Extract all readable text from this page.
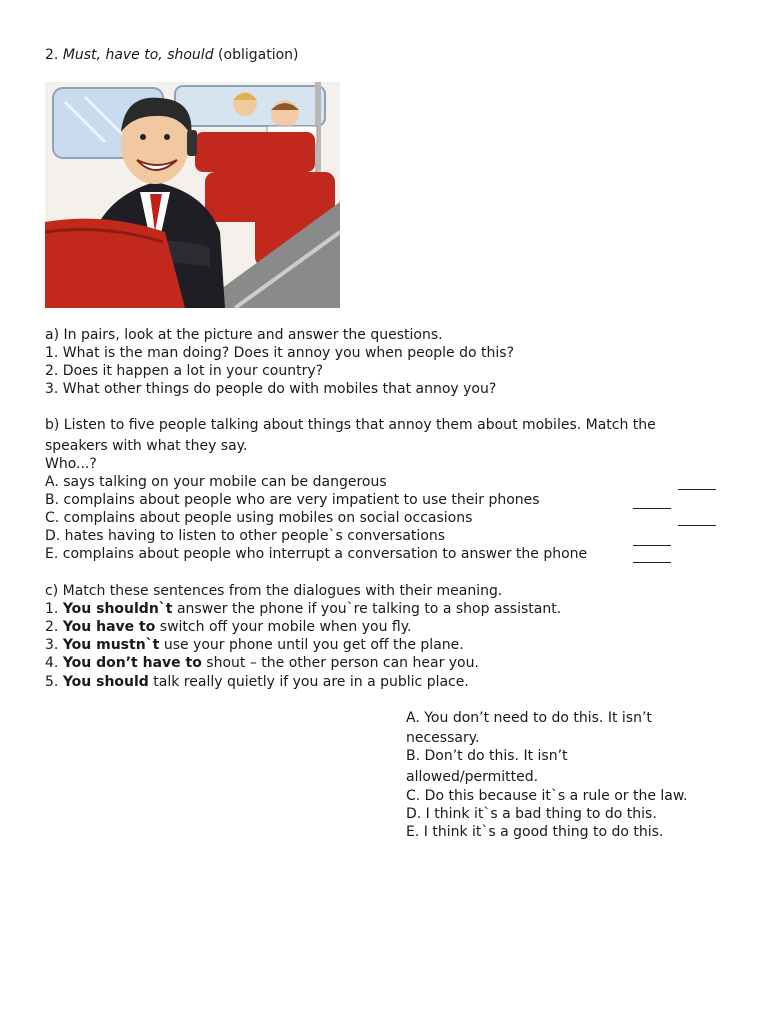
2. Must, have to, should (obligation)
a) In pairs, look at the picture and answer the questions.
1. What is the man doing? Does it annoy you when people do this?
2. Does it happen a lot in your country?
3. What other things do people do with mobiles that annoy you?
b) Listen to five people talking about things that annoy them about mobiles. Match the
speakers with what they say.
Who...?
A. says talking on your mobile can be dangerous
B. complains about people who are very impatient to use their phones
C. complains about people using mobiles on social occasions
D. hates having to listen to other people`s conversations
E. complains about people who interrupt a conversation to answer the phone
c) Match these sentences from the dialogues with their meaning.
1. You shouldn`t answer the phone if you`re talking to a shop assistant.
2. You have to switch off your mobile when you fly.
3. You mustn`t use your phone until you get off the plane.
4. You don’t have to shout – the other person can hear you.
5. You should talk really quietly if you are in a public place.
A. You don’t need to do this. It isn’t
necessary.
B. Don’t do this. It isn’t
allowed/permitted.
C. Do this because it`s a rule or the law.
D. I think it`s a bad thing to do this.
E. I think it`s a good thing to do this.
